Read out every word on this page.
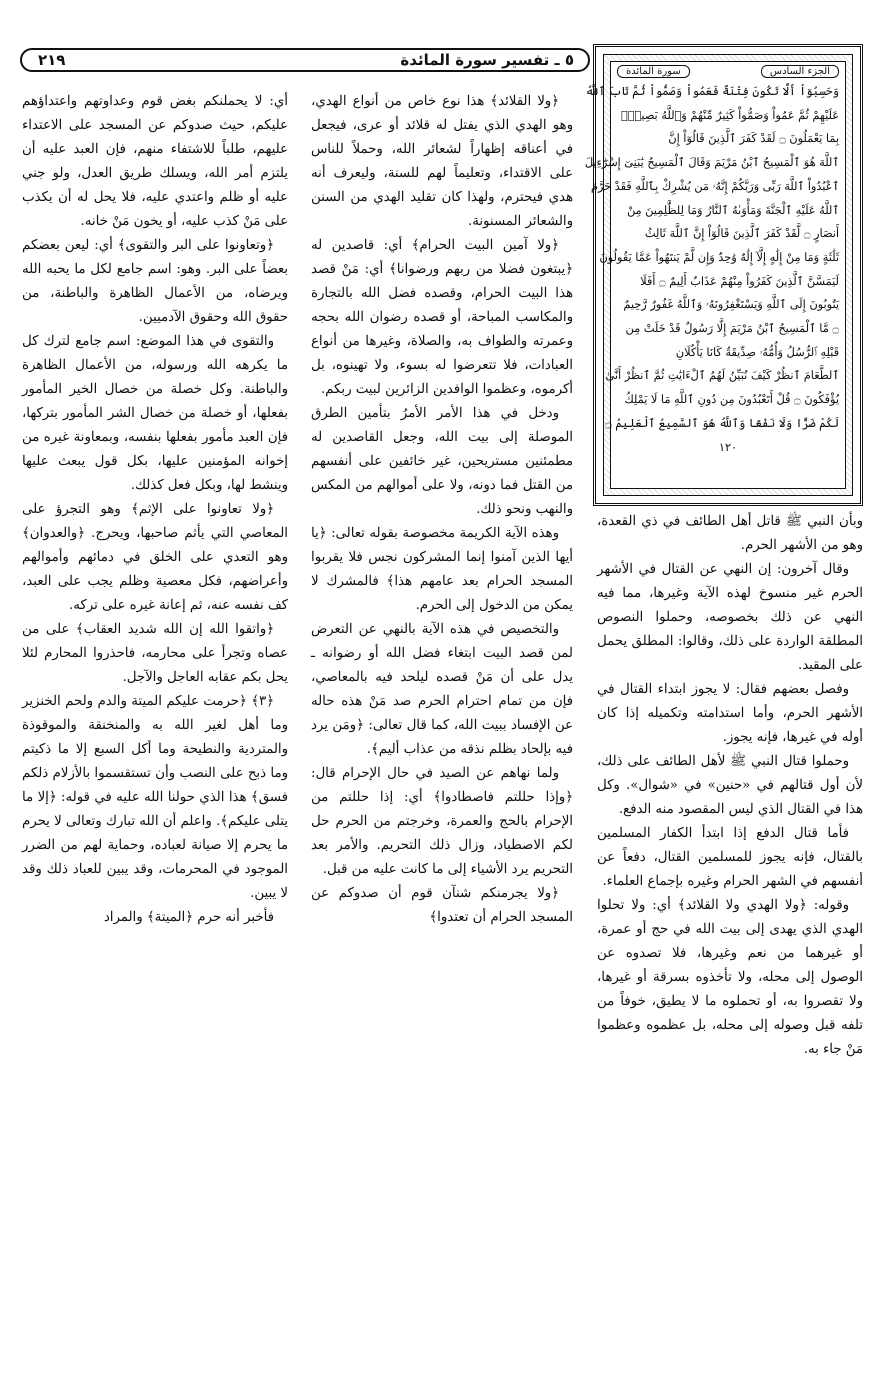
٥ ـ تفسير سورة المائدة
٢١٩
الجزء السادس
سورة المائدة
وَحَسِبُوٓاْ أَلَّا تَكُونَ فِتْنَةٌ فَعَمُواْ وَصَمُّواْ ثُمَّ تَابَ ٱللَّهُ
عَلَيْهِمْ ثُمَّ عَمُواْ وَصَمُّواْ كَثِيرٌ مِّنْهُمْ وَٱللَّهُ بَصِيرٌۢ
بِمَا يَعْمَلُونَ ۝ لَقَدْ كَفَرَ ٱلَّذِينَ قَالُوٓاْ إِنَّ
ٱللَّهَ هُوَ ٱلْمَسِيحُ ٱبْنُ مَرْيَمَ وَقَالَ ٱلْمَسِيحُ يَٰبَنِىٓ إِسْرَٰٓءِيلَ
ٱعْبُدُواْ ٱللَّهَ رَبِّى وَرَبَّكُمْ إِنَّهُۥ مَن يُشْرِكْ بِٱللَّهِ فَقَدْ حَرَّمَ
ٱللَّهُ عَلَيْهِ ٱلْجَنَّةَ وَمَأْوَىٰهُ ٱلنَّارُ وَمَا لِلظَّٰلِمِينَ مِنْ
أَنصَارٍ ۝ لَّقَدْ كَفَرَ ٱلَّذِينَ قَالُوٓاْ إِنَّ ٱللَّهَ ثَالِثُ
ثَلَٰثَةٍ وَمَا مِنْ إِلَٰهٍ إِلَّآ إِلَٰهٌ وَٰحِدٌ وَإِن لَّمْ يَنتَهُواْ عَمَّا يَقُولُونَ
لَيَمَسَّنَّ ٱلَّذِينَ كَفَرُواْ مِنْهُمْ عَذَابٌ أَلِيمٌ ۝ أَفَلَا
يَتُوبُونَ إِلَى ٱللَّهِ وَيَسْتَغْفِرُونَهُۥ وَٱللَّهُ غَفُورٌ رَّحِيمٌ
۝ مَّا ٱلْمَسِيحُ ٱبْنُ مَرْيَمَ إِلَّا رَسُولٌ قَدْ خَلَتْ مِن
قَبْلِهِ ٱلرُّسُلُ وَأُمُّهُۥ صِدِّيقَةٌ كَانَا يَأْكُلَانِ
ٱلطَّعَامَ ٱنظُرْ كَيْفَ نُبَيِّنُ لَهُمُ ٱلْءَايَٰتِ ثُمَّ ٱنظُرْ أَنَّىٰ
يُؤْفَكُونَ ۝ قُلْ أَتَعْبُدُونَ مِن دُونِ ٱللَّهِ مَا لَا يَمْلِكُ
لَكُمْ ضَرًّا وَلَا نَفْعًا وَٱللَّهُ هُوَ ٱلسَّمِيعُ ٱلْعَلِيمُ ۝
١٢٠

وبأن النبي ﷺ قاتل أهل الطائف في ذي القعدة، وهو من الأشهر الحرم.

وقال آخرون: إن النهي عن القتال في الأشهر الحرم غير منسوخ لهذه الآية وغيرها، مما فيه النهي عن ذلك بخصوصه، وحملوا النصوص المطلقة الواردة على ذلك، وقالوا: المطلق يحمل على المقيد.

وفصل بعضهم فقال: لا يجوز ابتداء القتال في الأشهر الحرم، وأما استدامته وتكميله إذا كان أوله في غيرها، فإنه يجوز.

وحملوا قتال النبي ﷺ لأهل الطائف على ذلك، لأن أول قتالهم في «حنين» في «شوال». وكل هذا في القتال الذي ليس المقصود منه الدفع.

فأما قتال الدفع إذا ابتدأ الكفار المسلمين بالقتال، فإنه يجوز للمسلمين القتال، دفعاً عن أنفسهم في الشهر الحرام وغيره بإجماع العلماء.

وقوله: ﴿ولا الهدي ولا القلائد﴾ أي: ولا تحلوا الهدي الذي يهدى إلى بيت الله في حج أو عمرة، أو غيرهما من نعم وغيرها، فلا تصدوه عن الوصول إلى محله، ولا تأخذوه بسرقة أو غيرها، ولا تقصروا به، أو تحملوه ما لا يطيق، خوفاً من تلفه قبل وصوله إلى محله، بل عظموه وعظموا مَنْ جاء به.

﴿ولا القلائد﴾ هذا نوع خاص من أنواع الهدي، وهو الهدي الذي يفتل له قلائد أو عرى، فيجعل في أعناقه إظهاراً لشعائر الله، وحملاً للناس على الاقتداء، وتعليماً لهم للسنة، وليعرف أنه هدي فيحترم، ولهذا كان تقليد الهدي من السنن والشعائر المسنونة.

﴿ولا آمين البيت الحرام﴾ أي: قاصدين له ﴿يبتغون فضلا من ربهم ورضوانا﴾ أي: مَنْ قصد هذا البيت الحرام، وقصده فضل الله بالتجارة والمكاسب المباحة، أو قصده رضوان الله بحجه وعمرته والطواف به، والصلاة، وغيرها من أنواع العبادات، فلا تتعرضوا له بسوء، ولا تهينوه، بل أكرموه، وعظموا الوافدين الزائرين لبيت ربكم.

ودخل في هذا الأمر الأمرُ بتأمين الطرق الموصلة إلى بيت الله، وجعل القاصدين له مطمئنين مستريحين، غير خائفين على أنفسهم من القتل فما دونه، ولا على أموالهم من المكس والنهب ونحو ذلك.

وهذه الآية الكريمة مخصوصة بقوله تعالى: ﴿يا أيها الذين آمنوا إنما المشركون نجس فلا يقربوا المسجد الحرام بعد عامهم هذا﴾ فالمشرك لا يمكن من الدخول إلى الحرم.

والتخصيص في هذه الآية بالنهي عن التعرض لمن قصد البيت ابتغاء فضل الله أو رضوانه ـ يدل على أن مَنْ قصده ليلحد فيه بالمعاصي، فإن من تمام احترام الحرم صد مَنْ هذه حاله عن الإفساد ببيت الله، كما قال تعالى: ﴿ومَن يرد فيه بإلحاد بظلم نذقه من عذاب أليم﴾.

ولما نهاهم عن الصيد في حال الإحرام قال: ﴿وإذا حللتم فاصطادوا﴾ أي: إذا حللتم من الإحرام بالحج والعمرة، وخرجتم من الحرم حل لكم الاصطياد، وزال ذلك التحريم. والأمر بعد التحريم يرد الأشياء إلى ما كانت عليه من قبل.

﴿ولا يجرمنكم شنآن قوم أن صدوكم عن المسجد الحرام أن تعتدوا﴾

أي: لا يحملنكم بغض قوم وعداوتهم واعتداؤهم عليكم، حيث صدوكم عن المسجد على الاعتداء عليهم، طلباً للاشتفاء منهم، فإن العبد عليه أن يلتزم أمر الله، ويسلك طريق العدل، ولو جني عليه أو ظلم واعتدي عليه، فلا يحل له أن يكذب على مَنْ كذب عليه، أو يخون مَنْ خانه.

﴿وتعاونوا على البر والتقوى﴾ أي: ليعن بعضكم بعضاً على البر. وهو: اسم جامع لكل ما يحبه الله ويرضاه، من الأعمال الظاهرة والباطنة، من حقوق الله وحقوق الآدميين.

والتقوى في هذا الموضع: اسم جامع لترك كل ما يكرهه الله ورسوله، من الأعمال الظاهرة والباطنة. وكل خصلة من خصال الخير المأمور بفعلها، أو خصلة من خصال الشر المأمور بتركها، فإن العبد مأمور بفعلها بنفسه، وبمعاونة غيره من إخوانه المؤمنين عليها، بكل قول يبعث عليها وينشط لها، وبكل فعل كذلك.

﴿ولا تعاونوا على الإثم﴾ وهو التجرؤ على المعاصي التي يأثم صاحبها، ويحرج. ﴿والعدوان﴾ وهو التعدي على الخلق في دمائهم وأموالهم وأعراضهم، فكل معصية وظلم يجب على العبد، كف نفسه عنه، ثم إعانة غيره على تركه.

﴿واتقوا الله إن الله شديد العقاب﴾ على من عصاه وتجرأ على محارمه، فاحذروا المحارم لئلا يحل بكم عقابه العاجل والآجل.

﴿٣﴾ ﴿حرمت عليكم الميتة والدم ولحم الخنزير وما أهل لغير الله به والمنخنقة والموقوذة والمتردية والنطيحة وما أكل السبع إلا ما ذكيتم وما ذبح على النصب وأن تستقسموا بالأزلام ذلكم فسق﴾ هذا الذي حولنا الله عليه في قوله: ﴿إلا ما يتلى عليكم﴾. واعلم أن الله تبارك وتعالى لا يحرم ما يحرم إلا صيانة لعباده، وحماية لهم من الضرر الموجود في المحرمات، وقد يبين للعباد ذلك وقد لا يبين.

فأخبر أنه حرم ﴿الميتة﴾ والمراد
